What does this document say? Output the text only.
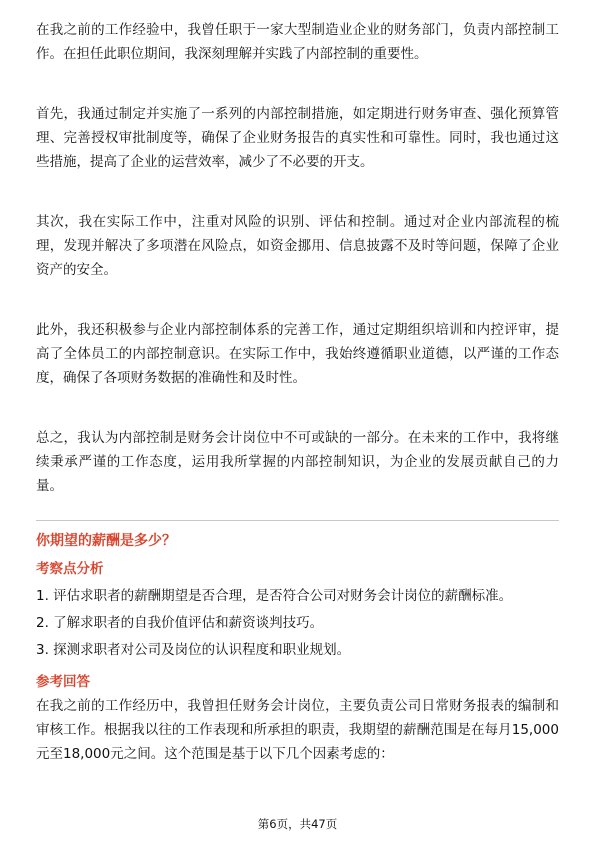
在我之前的工作经验中，我曾任职于一家大型制造业企业的财务部门，负责内部控制工作。在担任此职位期间，我深刻理解并实践了内部控制的重要性。

首先，我通过制定并实施了一系列的内部控制措施，如定期进行财务审查、强化预算管理、完善授权审批制度等，确保了企业财务报告的真实性和可靠性。同时，我也通过这些措施，提高了企业的运营效率，减少了不必要的开支。

其次，我在实际工作中，注重对风险的识别、评估和控制。通过对企业内部流程的梳理，发现并解决了多项潜在风险点，如资金挪用、信息披露不及时等问题，保障了企业资产的安全。

此外，我还积极参与企业内部控制体系的完善工作，通过定期组织培训和内控评审，提高了全体员工的内部控制意识。在实际工作中，我始终遵循职业道德，以严谨的工作态度，确保了各项财务数据的准确性和及时性。

总之，我认为内部控制是财务会计岗位中不可或缺的一部分。在未来的工作中，我将继续秉承严谨的工作态度，运用我所掌握的内部控制知识，为企业的发展贡献自己的力量。

你期望的薪酬是多少？

考察点分析

1. 评估求职者的薪酬期望是否合理，是否符合公司对财务会计岗位的薪酬标准。
2. 了解求职者的自我价值评估和薪资谈判技巧。
3. 探测求职者对公司及岗位的认识程度和职业规划。

参考回答

在我之前的工作经历中，我曾担任财务会计岗位，主要负责公司日常财务报表的编制和审核工作。根据我以往的工作表现和所承担的职责，我期望的薪酬范围是在每月15,000元至18,000元之间。这个范围是基于以下几个因素考虑的：

第6页，共47页
